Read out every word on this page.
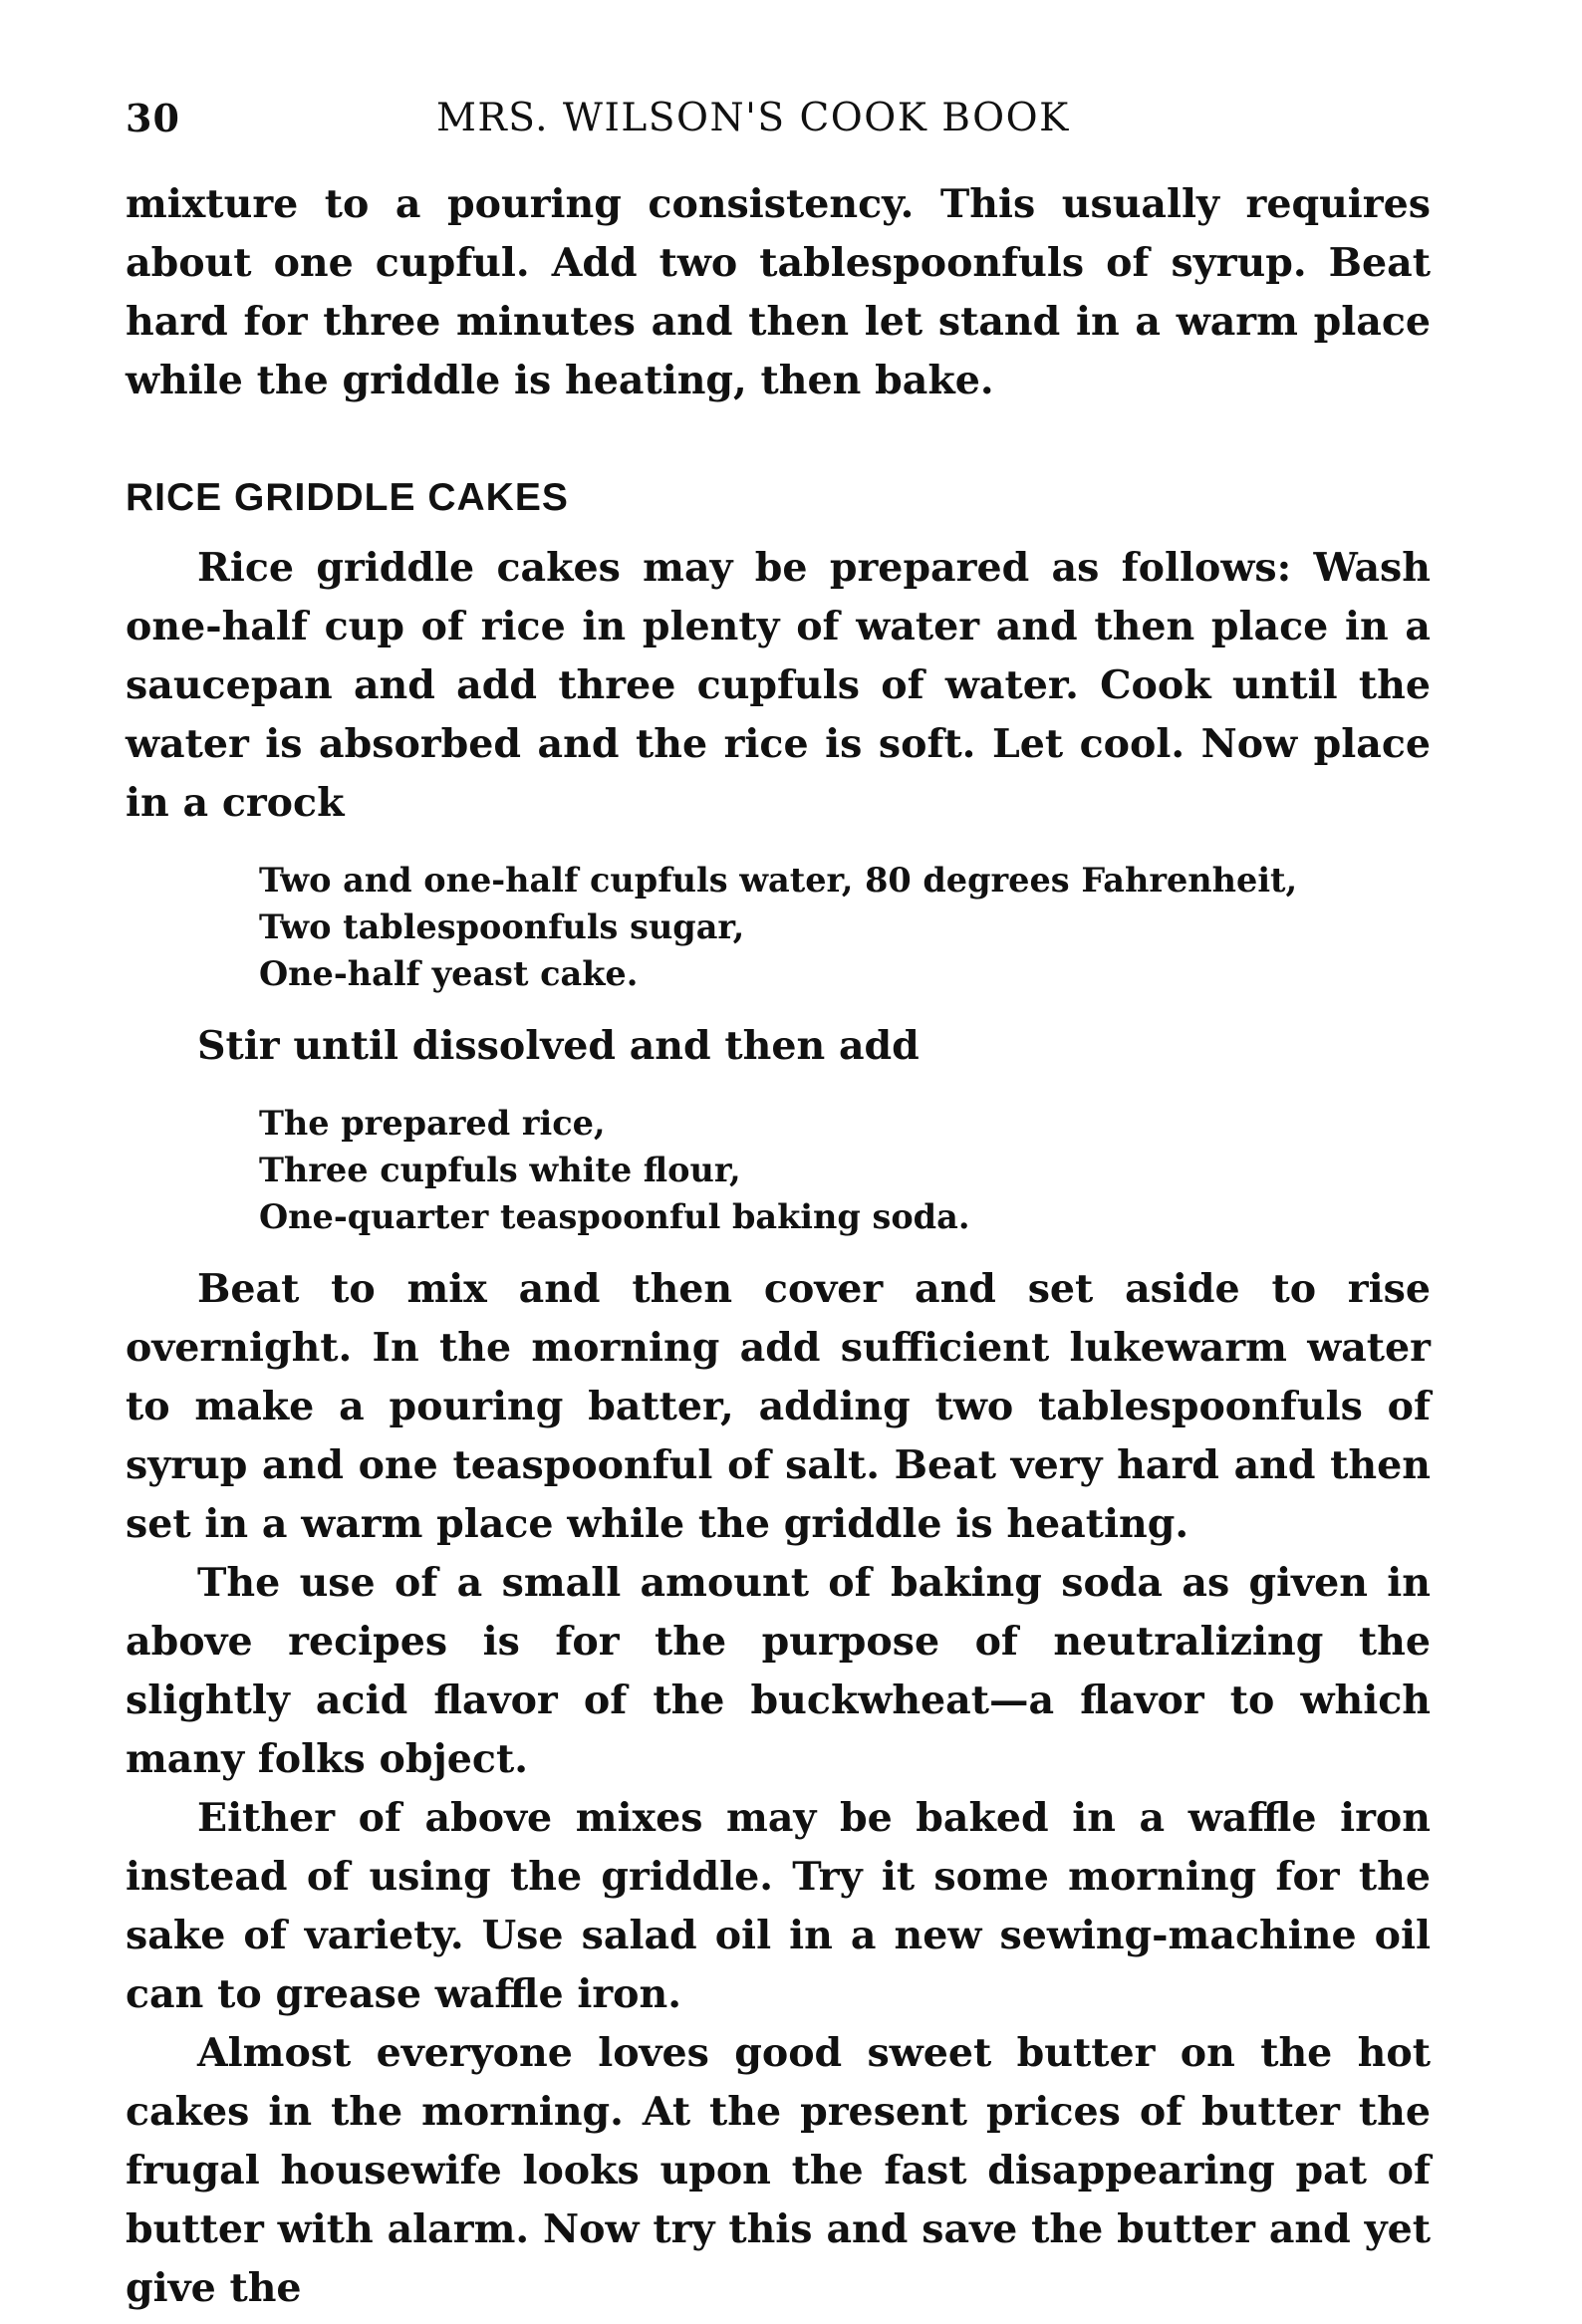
30	MRS. WILSON'S COOK BOOK

mixture to a pouring consistency. This usually requires about one cupful. Add two tablespoonfuls of syrup. Beat hard for three minutes and then let stand in a warm place while the griddle is heating, then bake.

RICE GRIDDLE CAKES

Rice griddle cakes may be prepared as follows: Wash one-half cup of rice in plenty of water and then place in a saucepan and add three cupfuls of water. Cook until the water is absorbed and the rice is soft. Let cool. Now place in a crock

Two and one-half cupfuls water, 80 degrees Fahrenheit,
Two tablespoonfuls sugar,
One-half yeast cake.

Stir until dissolved and then add

The prepared rice,
Three cupfuls white flour,
One-quarter teaspoonful baking soda.

Beat to mix and then cover and set aside to rise overnight. In the morning add sufficient lukewarm water to make a pouring batter, adding two tablespoonfuls of syrup and one teaspoonful of salt. Beat very hard and then set in a warm place while the griddle is heating.

The use of a small amount of baking soda as given in above recipes is for the purpose of neutralizing the slightly acid flavor of the buckwheat—a flavor to which many folks object.

Either of above mixes may be baked in a waffle iron instead of using the griddle. Try it some morning for the sake of variety. Use salad oil in a new sewing-machine oil can to grease waffle iron.

Almost everyone loves good sweet butter on the hot cakes in the morning. At the present prices of butter the frugal housewife looks upon the fast disappearing pat of butter with alarm. Now try this and save the butter and yet give the
